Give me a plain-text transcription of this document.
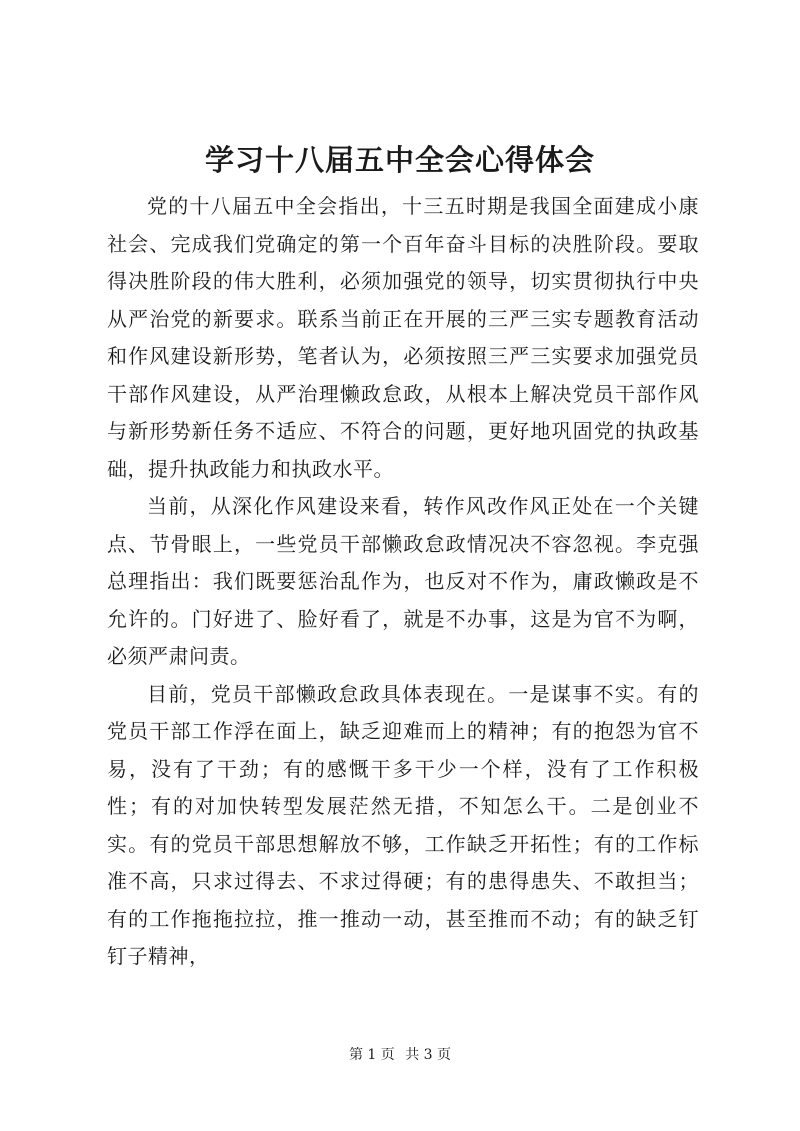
学习十八届五中全会心得体会

党的十八届五中全会指出，十三五时期是我国全面建成小康社会、完成我们党确定的第一个百年奋斗目标的决胜阶段。要取得决胜阶段的伟大胜利，必须加强党的领导，切实贯彻执行中央从严治党的新要求。联系当前正在开展的三严三实专题教育活动和作风建设新形势，笔者认为，必须按照三严三实要求加强党员干部作风建设，从严治理懒政怠政，从根本上解决党员干部作风与新形势新任务不适应、不符合的问题，更好地巩固党的执政基础，提升执政能力和执政水平。

当前，从深化作风建设来看，转作风改作风正处在一个关键点、节骨眼上，一些党员干部懒政怠政情况决不容忽视。李克强总理指出：我们既要惩治乱作为，也反对不作为，庸政懒政是不允许的。门好进了、脸好看了，就是不办事，这是为官不为啊，必须严肃问责。

目前，党员干部懒政怠政具体表现在。一是谋事不实。有的党员干部工作浮在面上，缺乏迎难而上的精神；有的抱怨为官不易，没有了干劲；有的感慨干多干少一个样，没有了工作积极性；有的对加快转型发展茫然无措，不知怎么干。二是创业不实。有的党员干部思想解放不够，工作缺乏开拓性；有的工作标准不高，只求过得去、不求过得硬；有的患得患失、不敢担当；有的工作拖拖拉拉，推一推动一动，甚至推而不动；有的缺乏钉钉子精神，

第 1 页 共 3 页
